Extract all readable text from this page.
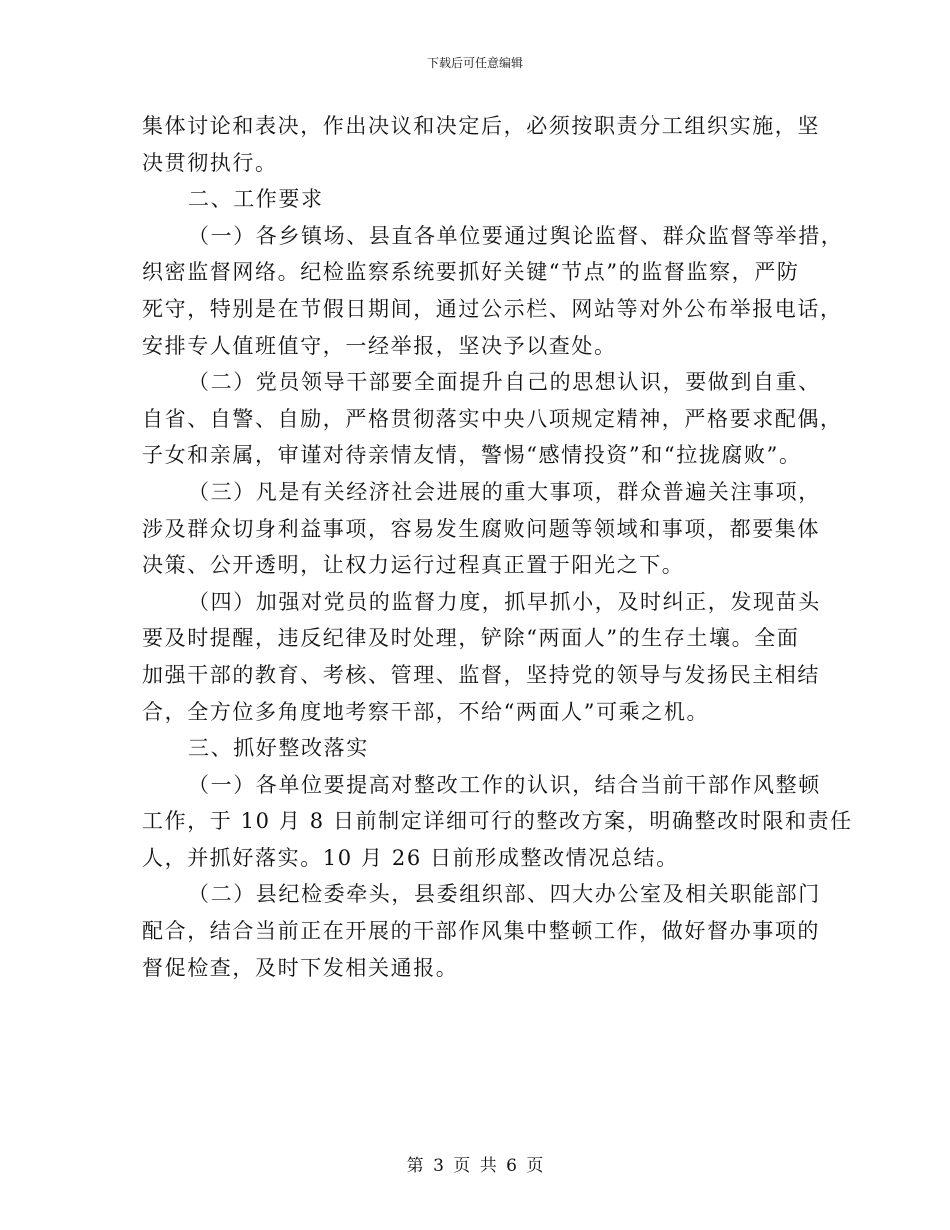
下载后可任意编辑
集体讨论和表决，作出决议和决定后，必须按职责分工组织实施，坚
决贯彻执行。
二、工作要求
（一）各乡镇场、县直各单位要通过舆论监督、群众监督等举措，
织密监督网络。纪检监察系统要抓好关键“节点”的监督监察，严防
死守，特别是在节假日期间，通过公示栏、网站等对外公布举报电话，
安排专人值班值守，一经举报，坚决予以查处。
（二）党员领导干部要全面提升自己的思想认识，要做到自重、
自省、自警、自励，严格贯彻落实中央八项规定精神，严格要求配偶，
子女和亲属，审谨对待亲情友情，警惕“感情投资”和“拉拢腐败”。
（三）凡是有关经济社会进展的重大事项，群众普遍关注事项，
涉及群众切身利益事项，容易发生腐败问题等领域和事项，都要集体
决策、公开透明，让权力运行过程真正置于阳光之下。
（四）加强对党员的监督力度，抓早抓小，及时纠正，发现苗头
要及时提醒，违反纪律及时处理，铲除“两面人”的生存土壤。全面
加强干部的教育、考核、管理、监督，坚持党的领导与发扬民主相结
合，全方位多角度地考察干部，不给“两面人”可乘之机。
三、抓好整改落实
（一）各单位要提高对整改工作的认识，结合当前干部作风整顿
工作，于 10 月 8 日前制定详细可行的整改方案，明确整改时限和责任
人，并抓好落实。10 月 26 日前形成整改情况总结。
（二）县纪检委牵头，县委组织部、四大办公室及相关职能部门
配合，结合当前正在开展的干部作风集中整顿工作，做好督办事项的
督促检查，及时下发相关通报。
第 3 页 共 6 页
